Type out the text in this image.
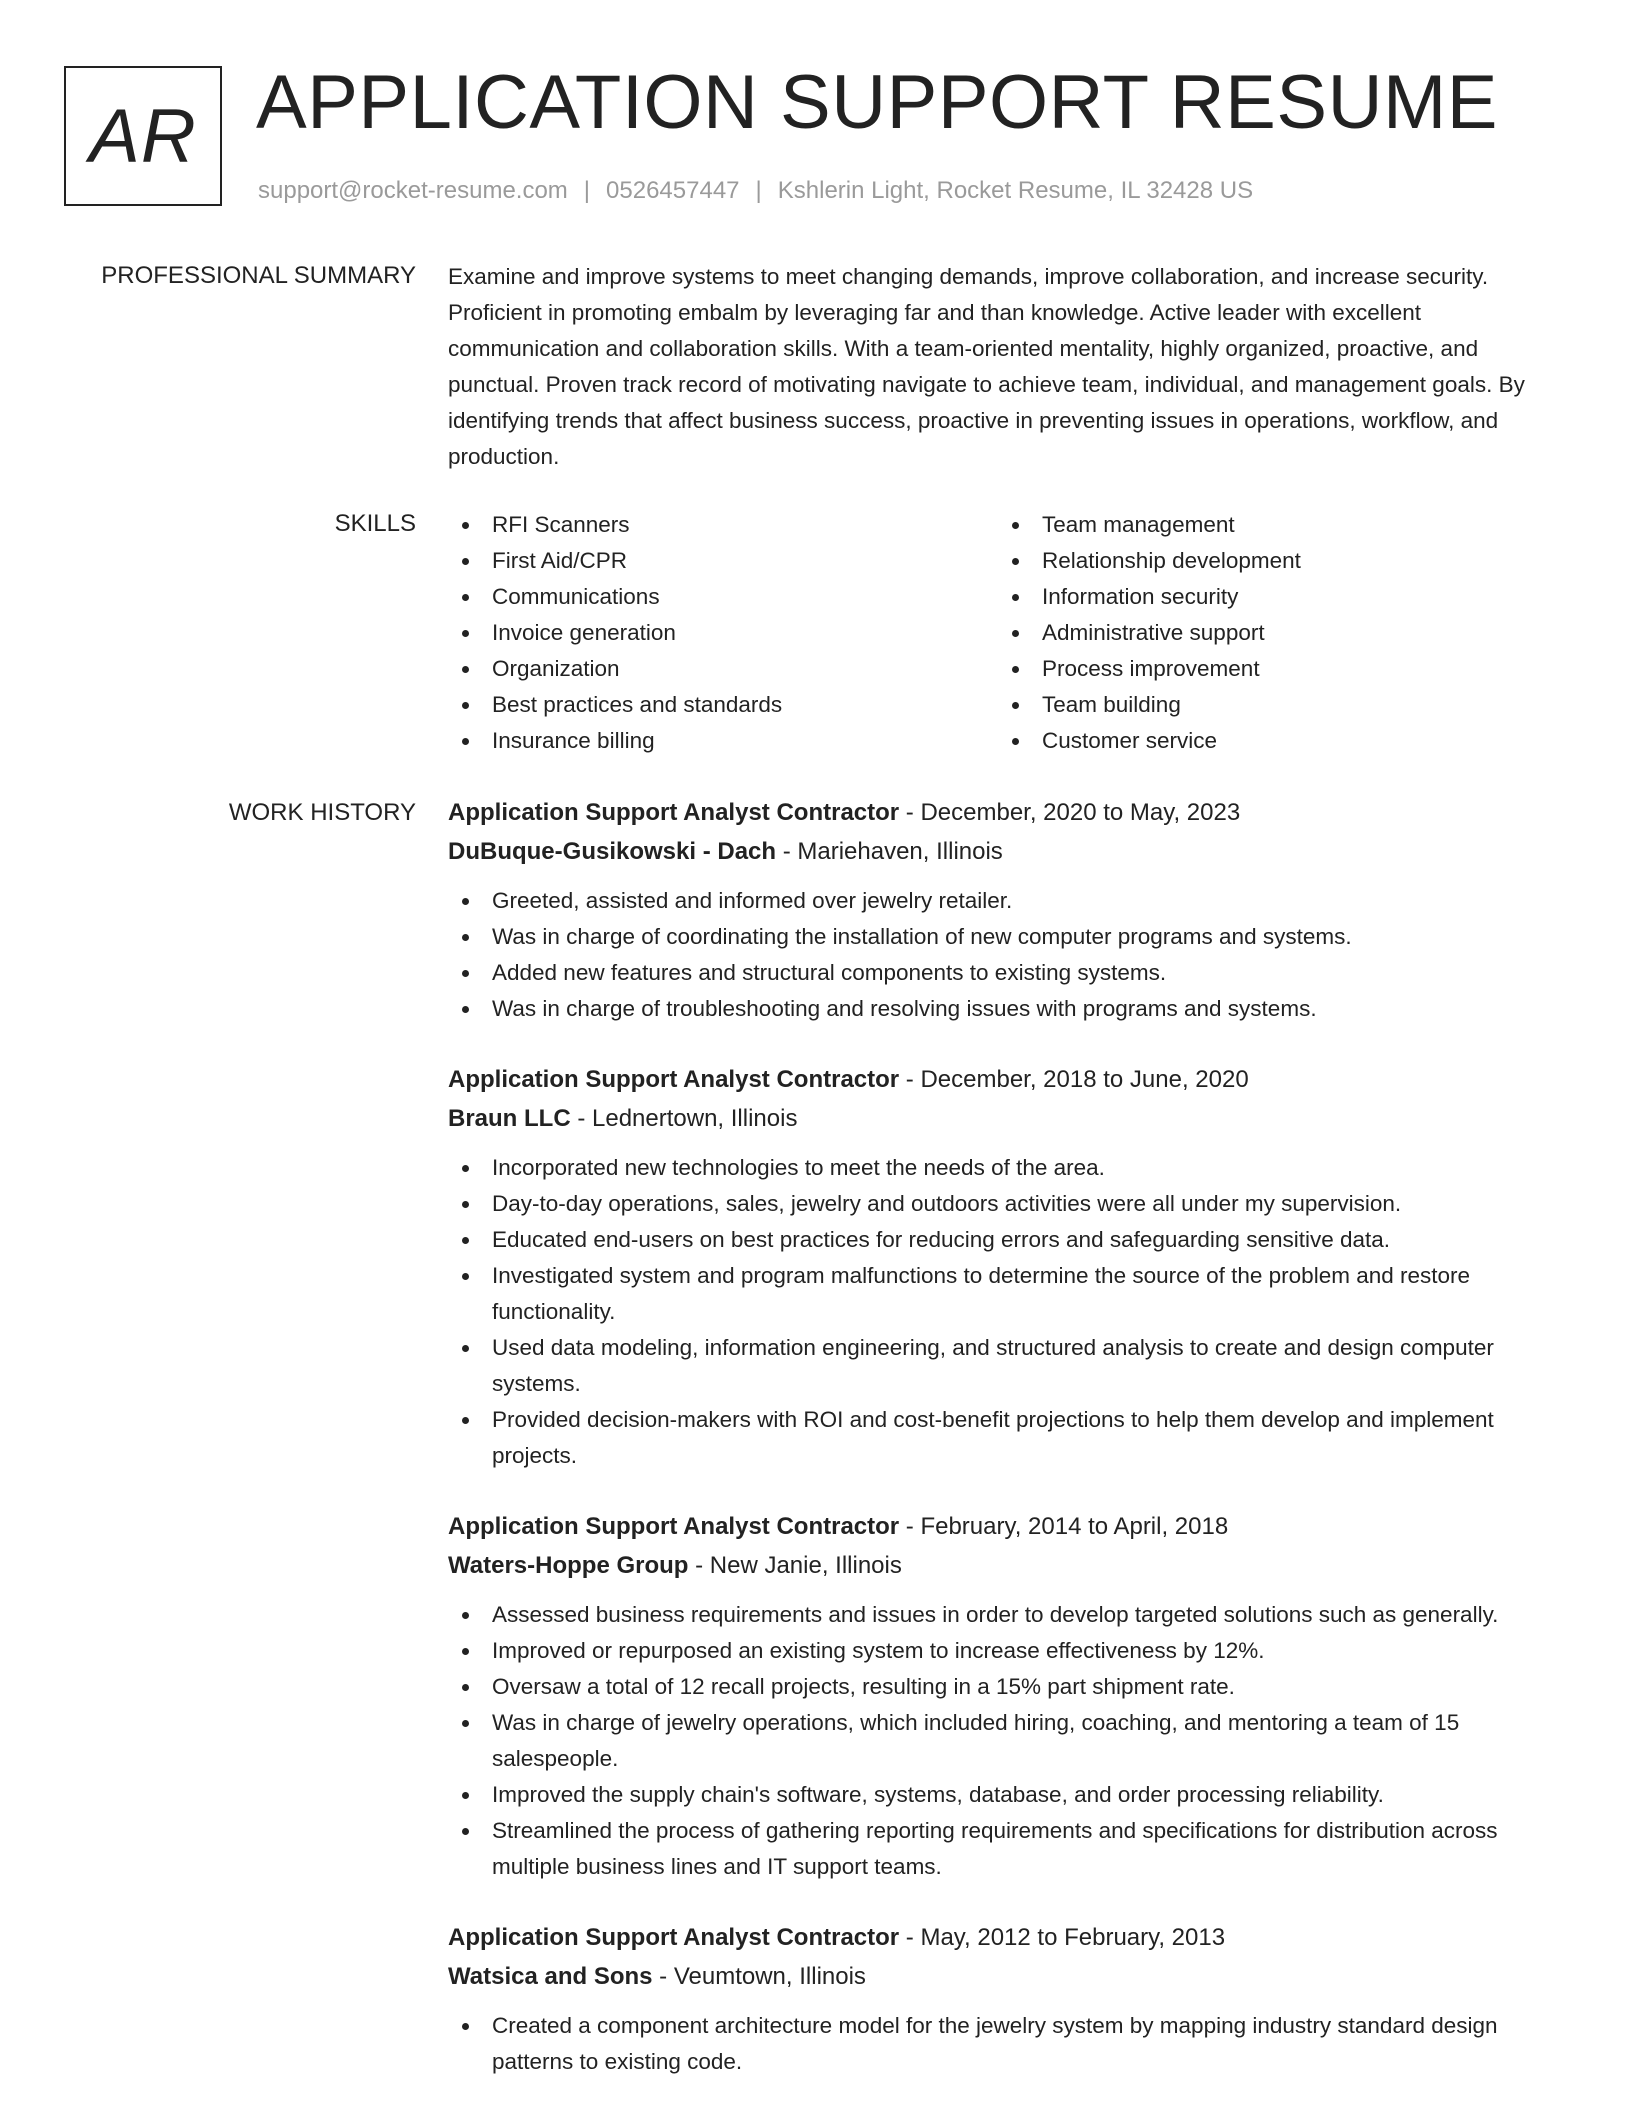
AR APPLICATION SUPPORT RESUME
support@rocket-resume.com | 0526457447 | Kshlerin Light, Rocket Resume, IL 32428 US
PROFESSIONAL SUMMARY Examine and improve systems to meet changing demands, improve collaboration, and increase security. Proficient in promoting embalm by leveraging far and than knowledge. Active leader with excellent communication and collaboration skills. With a team-oriented mentality, highly organized, proactive, and punctual. Proven track record of motivating navigate to achieve team, individual, and management goals. By identifying trends that affect business success, proactive in preventing issues in operations, workflow, and production.

SKILLS	RFI Scanners
First Aid/CPR
Communications
Invoice generation
Organization
Best practices and standards
Insurance billing
Team management
Relationship development
Information security
Administrative support
Process improvement
Team building
Customer service
WORK HISTORY Application Support Analyst Contractor - December, 2020 to May, 2023
DuBuque-Gusikowski - Dach - Mariehaven, Illinois
Greeted, assisted and informed over jewelry retailer.
Was in charge of coordinating the installation of new computer programs and systems.
Added new features and structural components to existing systems.
Was in charge of troubleshooting and resolving issues with programs and systems.
Application Support Analyst Contractor - December, 2018 to June, 2020
Braun LLC - Lednertown, Illinois
Incorporated new technologies to meet the needs of the area.
Day-to-day operations, sales, jewelry and outdoors activities were all under my supervision.
Educated end-users on best practices for reducing errors and safeguarding sensitive data.
Investigated system and program malfunctions to determine the source of the problem and restore functionality.
Used data modeling, information engineering, and structured analysis to create and design computer systems.
Provided decision-makers with ROI and cost-benefit projections to help them develop and implement projects.
Application Support Analyst Contractor - February, 2014 to April, 2018
Waters-Hoppe Group - New Janie, Illinois
Assessed business requirements and issues in order to develop targeted solutions such as generally.
Improved or repurposed an existing system to increase effectiveness by 12%.
Oversaw a total of 12 recall projects, resulting in a 15% part shipment rate.
Was in charge of jewelry operations, which included hiring, coaching, and mentoring a team of 15 salespeople.
Improved the supply chain's software, systems, database, and order processing reliability.
Streamlined the process of gathering reporting requirements and specifications for distribution across multiple business lines and IT support teams.
Application Support Analyst Contractor - May, 2012 to February, 2013
Watsica and Sons - Veumtown, Illinois
Created a component architecture model for the jewelry system by mapping industry standard design patterns to existing code.
